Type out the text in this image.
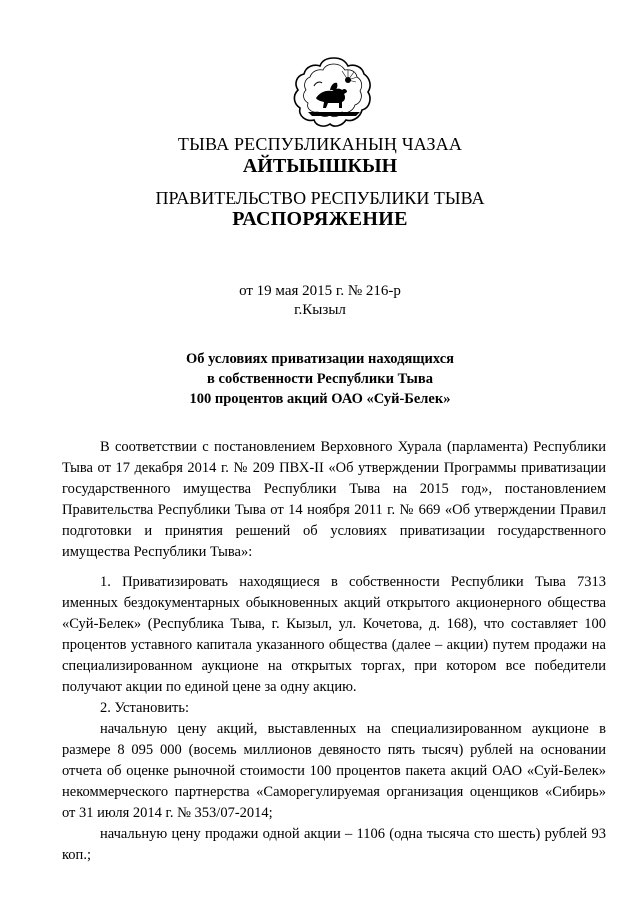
ТЫВА РЕСПУБЛИКАНЫҢ ЧАЗАА
АЙТЫЫШКЫН
ПРАВИТЕЛЬСТВО РЕСПУБЛИКИ ТЫВА
РАСПОРЯЖЕНИЕ
от 19 мая 2015 г. № 216-р
г.Кызыл
Об условиях приватизации находящихся
в собственности Республики Тыва
100 процентов акций ОАО «Суй-Белек»

В соответствии с постановлением Верховного Хурала (парламента) Республики Тыва от 17 декабря 2014 г. № 209 ПВХ-II «Об утверждении Программы приватизации государственного имущества Республики Тыва на 2015 год», постановлением Правительства Республики Тыва от 14 ноября 2011 г. № 669 «Об утверждении Правил подготовки и принятия решений об условиях приватизации государственного имущества Республики Тыва»:

1. Приватизировать находящиеся в собственности Республики Тыва 7313 именных бездокументарных обыкновенных акций открытого акционерного общества «Суй-Белек» (Республика Тыва, г. Кызыл, ул. Кочетова, д. 168), что составляет 100 процентов уставного капитала указанного общества (далее – акции) путем продажи на специализированном аукционе на открытых торгах, при котором все победители получают акции по единой цене за одну акцию.

2. Установить:

начальную цену акций, выставленных на специализированном аукционе в размере 8 095 000 (восемь миллионов девяносто пять тысяч) рублей на основании отчета об оценке рыночной стоимости 100 процентов пакета акций ОАО «Суй-Белек» некоммерческого партнерства «Саморегулируемая организация оценщиков «Сибирь» от 31 июля 2014 г. № 353/07-2014;

начальную цену продажи одной акции – 1106 (одна тысяча сто шесть) рублей 93 коп.;
